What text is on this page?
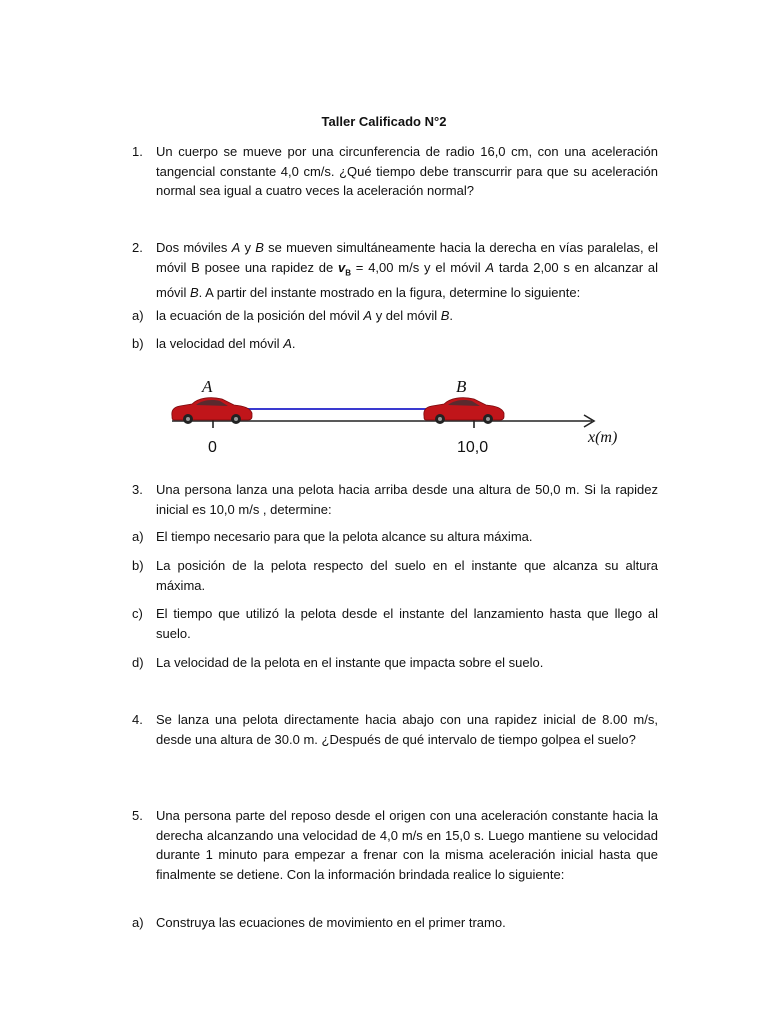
Taller Calificado N°2
1. Un cuerpo se mueve por una circunferencia de radio 16,0 cm, con una aceleración tangencial constante 4,0 cm/s. ¿Qué tiempo debe transcurrir para que su aceleración normal sea igual a cuatro veces la aceleración normal?
2. Dos móviles A y B se mueven simultáneamente hacia la derecha en vías paralelas, el móvil B posee una rapidez de $v_B = 4,00$ m/s y el móvil A tarda 2,00 s en alcanzar al móvil B. A partir del instante mostrado en la figura, determine lo siguiente:
a) la ecuación de la posición del móvil A y del móvil B.
b) la velocidad del móvil A.
A	B
0	10,0
x(m)
3. Una persona lanza una pelota hacia arriba desde una altura de 50,0 m. Si la rapidez inicial es 10,0 m/s , determine:
a) El tiempo necesario para que la pelota alcance su altura máxima.
b) La posición de la pelota respecto del suelo en el instante que alcanza su altura máxima.
c) El tiempo que utilizó la pelota desde el instante del lanzamiento hasta que llego al suelo.
d) La velocidad de la pelota en el instante que impacta sobre el suelo.
4. Se lanza una pelota directamente hacia abajo con una rapidez inicial de 8.00 m/s, desde una altura de 30.0 m. ¿Después de qué intervalo de tiempo golpea el suelo?
5. Una persona parte del reposo desde el origen con una aceleración constante hacia la derecha alcanzando una velocidad de 4,0 m/s en 15,0 s. Luego mantiene su velocidad durante 1 minuto para empezar a frenar con la misma aceleración inicial hasta que finalmente se detiene. Con la información brindada realice lo siguiente:
a) Construya las ecuaciones de movimiento en el primer tramo.
